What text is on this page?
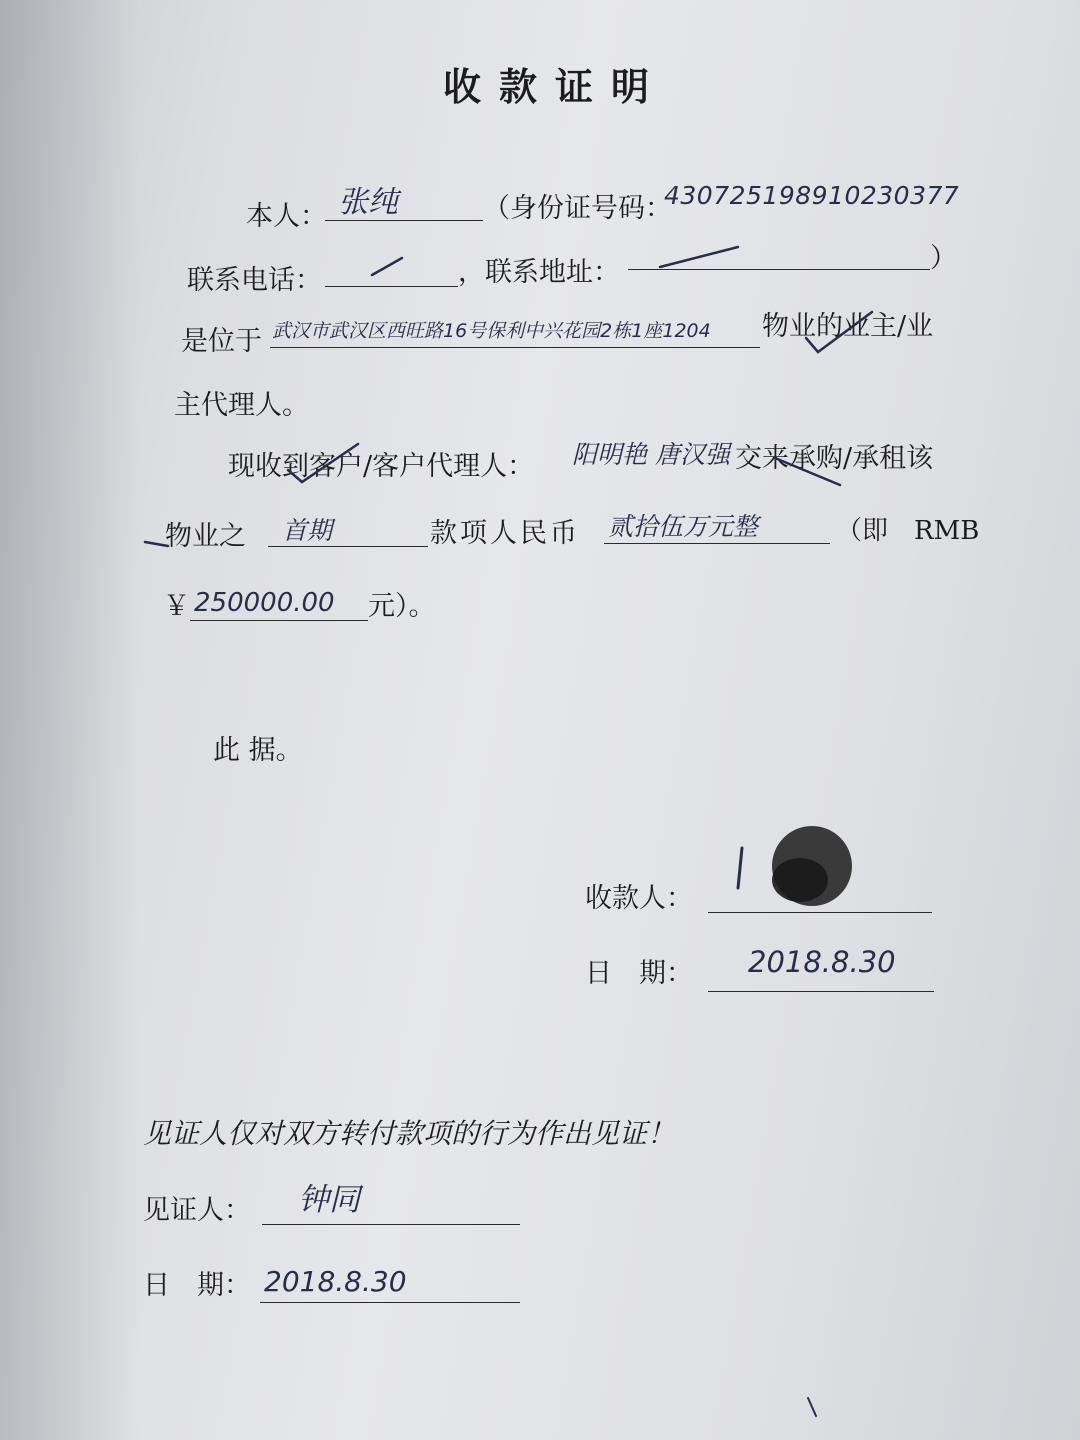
收款证明
本人： 张纯	（身份证号码：
430725198910230377
联系电话：	，联系地址：	）
是位于 武汉市武汉区西旺路16号保利中兴花园2栋1座1204 物业的业主/业
主代理人。
现收到客户/客户代理人： 阳明艳 唐汉强 交来承购/承租该
物业之 首期	款项人民币 贰拾伍万元整	（即　RMB
￥ 250000.00 元）。
此 据。
收款人：
日　期： 2018.8.30
见证人仅对双方转付款项的行为作出见证！
见证人： 钟同
日　期： 2018.8.30
